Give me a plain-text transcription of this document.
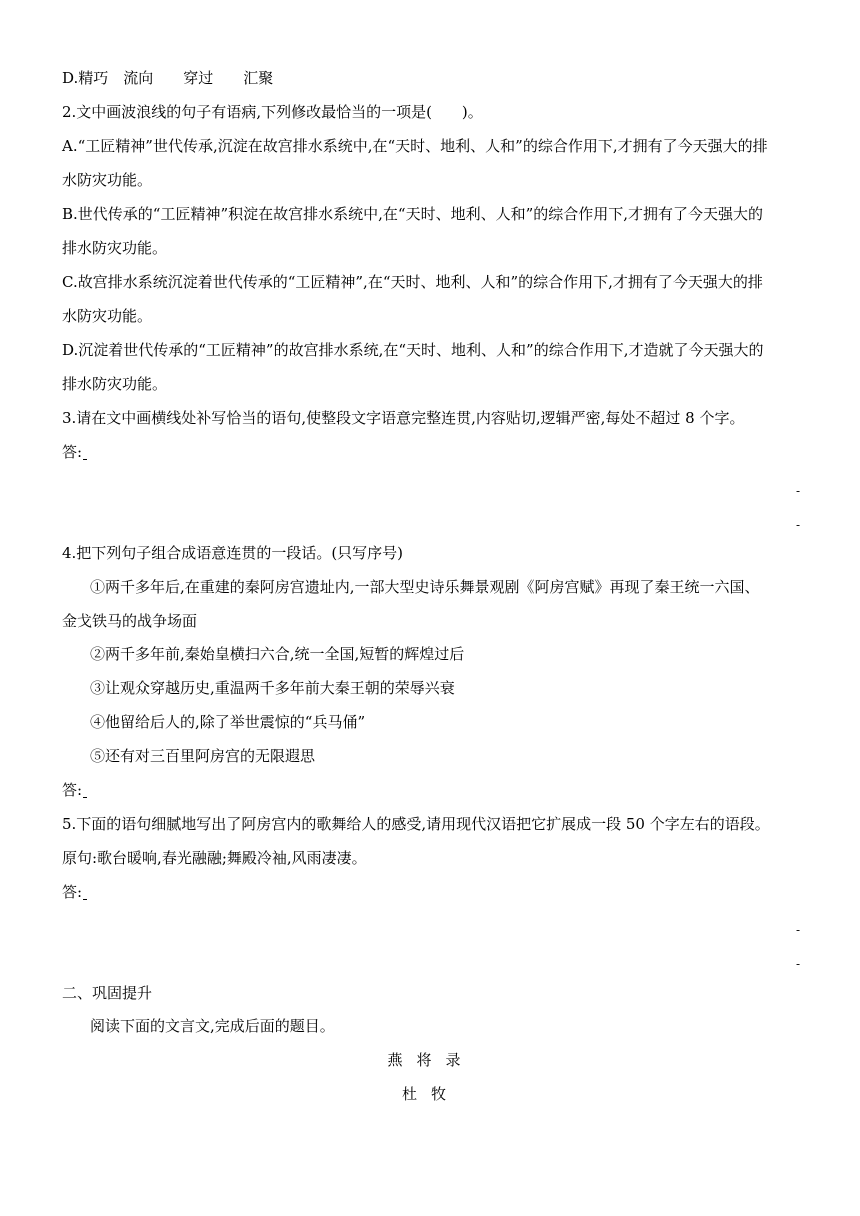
D.精巧　流向　　穿过　　汇聚
2.文中画波浪线的句子有语病,下列修改最恰当的一项是(　　)。
A.“工匠精神”世代传承,沉淀在故宫排水系统中,在“天时、地利、人和”的综合作用下,才拥有了今天强大的排
水防灾功能。
B.世代传承的“工匠精神”积淀在故宫排水系统中,在“天时、地利、人和”的综合作用下,才拥有了今天强大的
排水防灾功能。
C.故宫排水系统沉淀着世代传承的“工匠精神”,在“天时、地利、人和”的综合作用下,才拥有了今天强大的排
水防灾功能。
D.沉淀着世代传承的“工匠精神”的故宫排水系统,在“天时、地利、人和”的综合作用下,才造就了今天强大的
排水防灾功能。
3.请在文中画横线处补写恰当的语句,使整段文字语意完整连贯,内容贴切,逻辑严密,每处不超过 8 个字。
答:
-
-
4.把下列句子组合成语意连贯的一段话。(只写序号)
①两千多年后,在重建的秦阿房宫遗址内,一部大型史诗乐舞景观剧《阿房宫赋》再现了秦王统一六国、
金戈铁马的战争场面
②两千多年前,秦始皇横扫六合,统一全国,短暂的辉煌过后
③让观众穿越历史,重温两千多年前大秦王朝的荣辱兴衰
④他留给后人的,除了举世震惊的“兵马俑”
⑤还有对三百里阿房宫的无限遐思
答:
5.下面的语句细腻地写出了阿房宫内的歌舞给人的感受,请用现代汉语把它扩展成一段 50 个字左右的语段。
原句:歌台暖响,春光融融;舞殿冷袖,风雨凄凄。
答:
-
-
二、巩固提升
阅读下面的文言文,完成后面的题目。
燕将录
杜牧
